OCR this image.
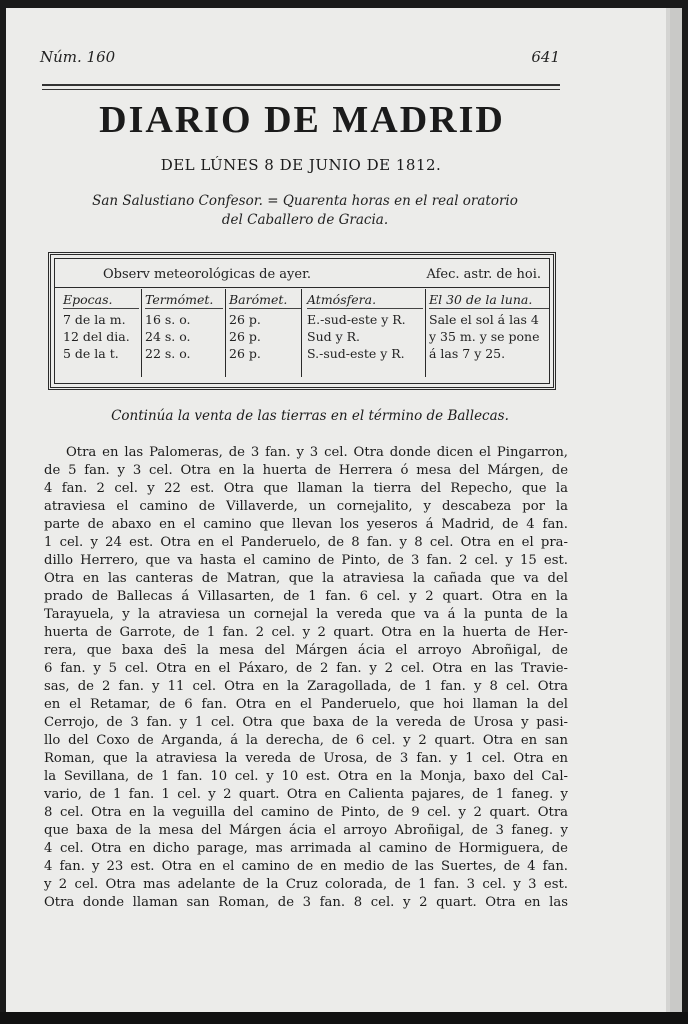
Núm. 160	641
DIARIO DE MADRID
DEL LÚNES 8 DE JUNIO DE 1812.
San Salustiano Confesor. = Quarenta horas en el real oratorio
del Caballero de Gracia.
Observ meteorológicas de ayer.	Afec. astr. de hoi.
Epocas.
7 de la m.
12 del dia.
5 de la t.
Termómet.
16 s. o.
24 s. o.
22 s. o.
Barómet.
26 p.
26 p.
26 p.
Atmósfera.
E.-sud-este y R.
Sud y R.
S.-sud-este y R.
El 30 de la luna.
Sale el sol á las 4
y 35 m. y se pone
á las 7 y 25.
Continúa la venta de las tierras en el término de Ballecas.

Otra en las Palomeras, de 3 fan. y 3 cel. Otra donde dicen el Pingarron,

de 5 fan. y 3 cel. Otra en la huerta de Herrera ó mesa del Márgen, de

4 fan. 2 cel. y 22 est. Otra que llaman la tierra del Repecho, que la

atraviesa el camino de Villaverde, un cornejalito, y descabeza por la

parte de abaxo en el camino que llevan los yeseros á Madrid, de 4 fan.

1 cel. y 24 est. Otra en el Panderuelo, de 8 fan. y 8 cel. Otra en el pra-

dillo Herrero, que va hasta el camino de Pinto, de 3 fan. 2 cel. y 15 est.

Otra en las canteras de Matran, que la atraviesa la cañada que va del

prado de Ballecas á Villasarten, de 1 fan. 6 cel. y 2 quart. Otra en la

Tarayuela, y la atraviesa un cornejal la vereda que va á la punta de la

huerta de Garrote, de 1 fan. 2 cel. y 2 quart. Otra en la huerta de Her-

rera, que baxa des̄ la mesa del Márgen ácia el arroyo Abroñigal, de

6 fan. y 5 cel. Otra en el Páxaro, de 2 fan. y 2 cel. Otra en las Travie-

sas, de 2 fan. y 11 cel. Otra en la Zaragollada, de 1 fan. y 8 cel. Otra

en el Retamar, de 6 fan. Otra en el Panderuelo, que hoi llaman la del

Cerrojo, de 3 fan. y 1 cel. Otra que baxa de la vereda de Urosa y pasi-

llo del Coxo de Arganda, á la derecha, de 6 cel. y 2 quart. Otra en san

Roman, que la atraviesa la vereda de Urosa, de 3 fan. y 1 cel. Otra en

la Sevillana, de 1 fan. 10 cel. y 10 est. Otra en la Monja, baxo del Cal-

vario, de 1 fan. 1 cel. y 2 quart. Otra en Calienta pajares, de 1 faneg. y

8 cel. Otra en la veguilla del camino de Pinto, de 9 cel. y 2 quart. Otra

que baxa de la mesa del Márgen ácia el arroyo Abroñigal, de 3 faneg. y

4 cel. Otra en dicho parage, mas arrimada al camino de Hormiguera, de

4 fan. y 23 est. Otra en el camino de en medio de las Suertes, de 4 fan.

y 2 cel. Otra mas adelante de la Cruz colorada, de 1 fan. 3 cel. y 3 est.

Otra donde llaman san Roman, de 3 fan. 8 cel. y 2 quart. Otra en las
